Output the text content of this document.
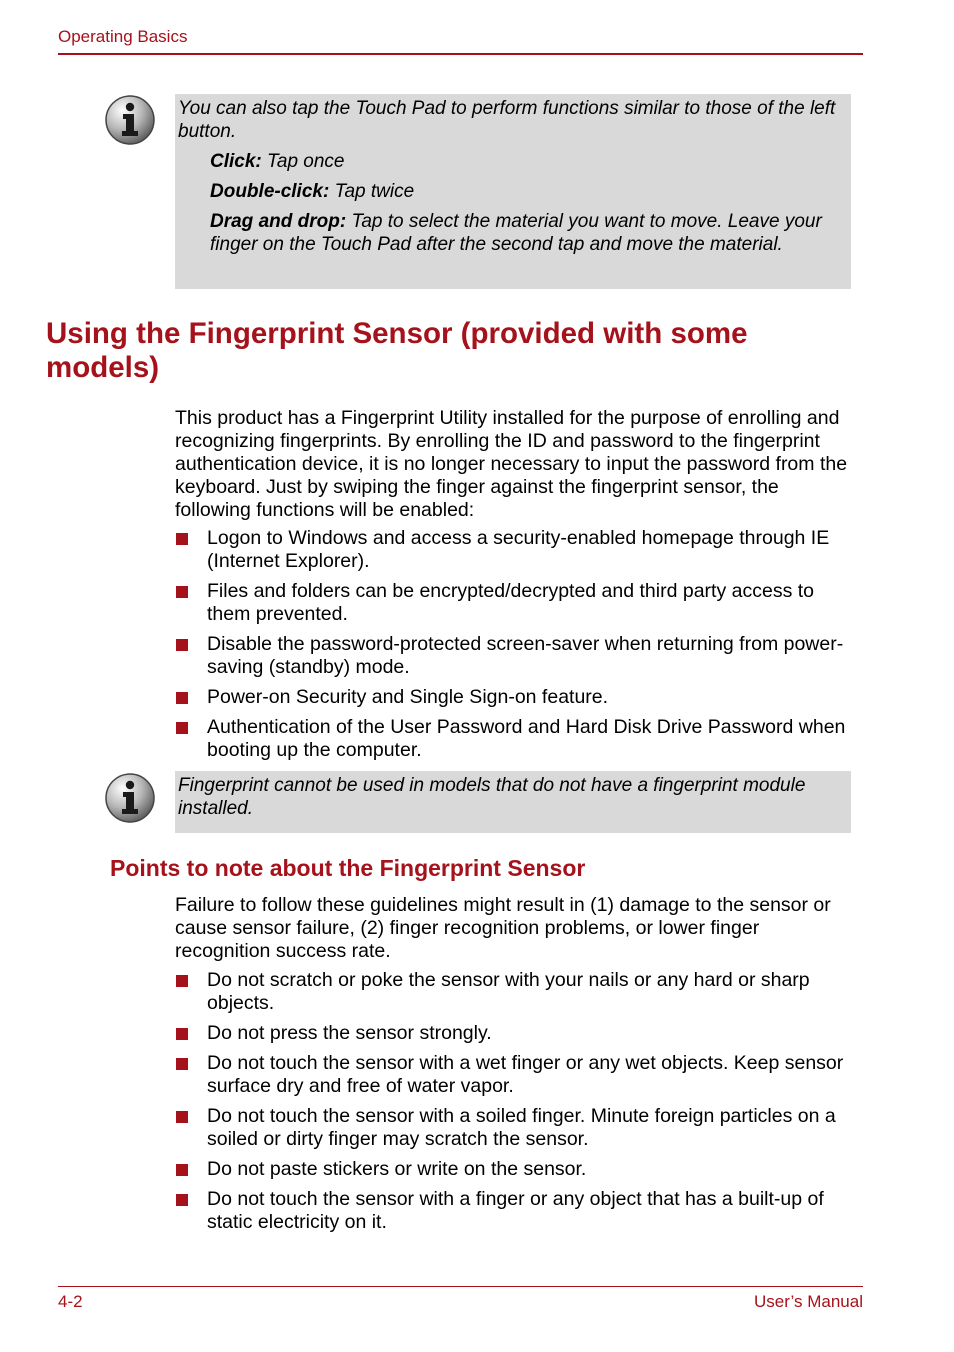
Operating Basics

You can also tap the Touch Pad to perform functions similar to those of the left button.

Click: Tap once

Double-click: Tap twice

Drag and drop: Tap to select the material you want to move. Leave your finger on the Touch Pad after the second tap and move the material.

Using the Fingerprint Sensor (provided with some models)

This product has a Fingerprint Utility installed for the purpose of enrolling and recognizing fingerprints. By enrolling the ID and password to the fingerprint authentication device, it is no longer necessary to input the password from the keyboard. Just by swiping the finger against the fingerprint sensor, the following functions will be enabled:

Logon to Windows and access a security-enabled homepage through IE (Internet Explorer).
Files and folders can be encrypted/decrypted and third party access to them prevented.
Disable the password-protected screen-saver when returning from power-saving (standby) mode.
Power-on Security and Single Sign-on feature.
Authentication of the User Password and Hard Disk Drive Password when booting up the computer.

Fingerprint cannot be used in models that do not have a fingerprint module installed.

Points to note about the Fingerprint Sensor

Failure to follow these guidelines might result in (1) damage to the sensor or cause sensor failure, (2) finger recognition problems, or lower finger recognition success rate.

Do not scratch or poke the sensor with your nails or any hard or sharp objects.
Do not press the sensor strongly.
Do not touch the sensor with a wet finger or any wet objects. Keep sensor surface dry and free of water vapor.
Do not touch the sensor with a soiled finger. Minute foreign particles on a soiled or dirty finger may scratch the sensor.
Do not paste stickers or write on the sensor.
Do not touch the sensor with a finger or any object that has a built-up of static electricity on it.
4-2	User’s Manual
